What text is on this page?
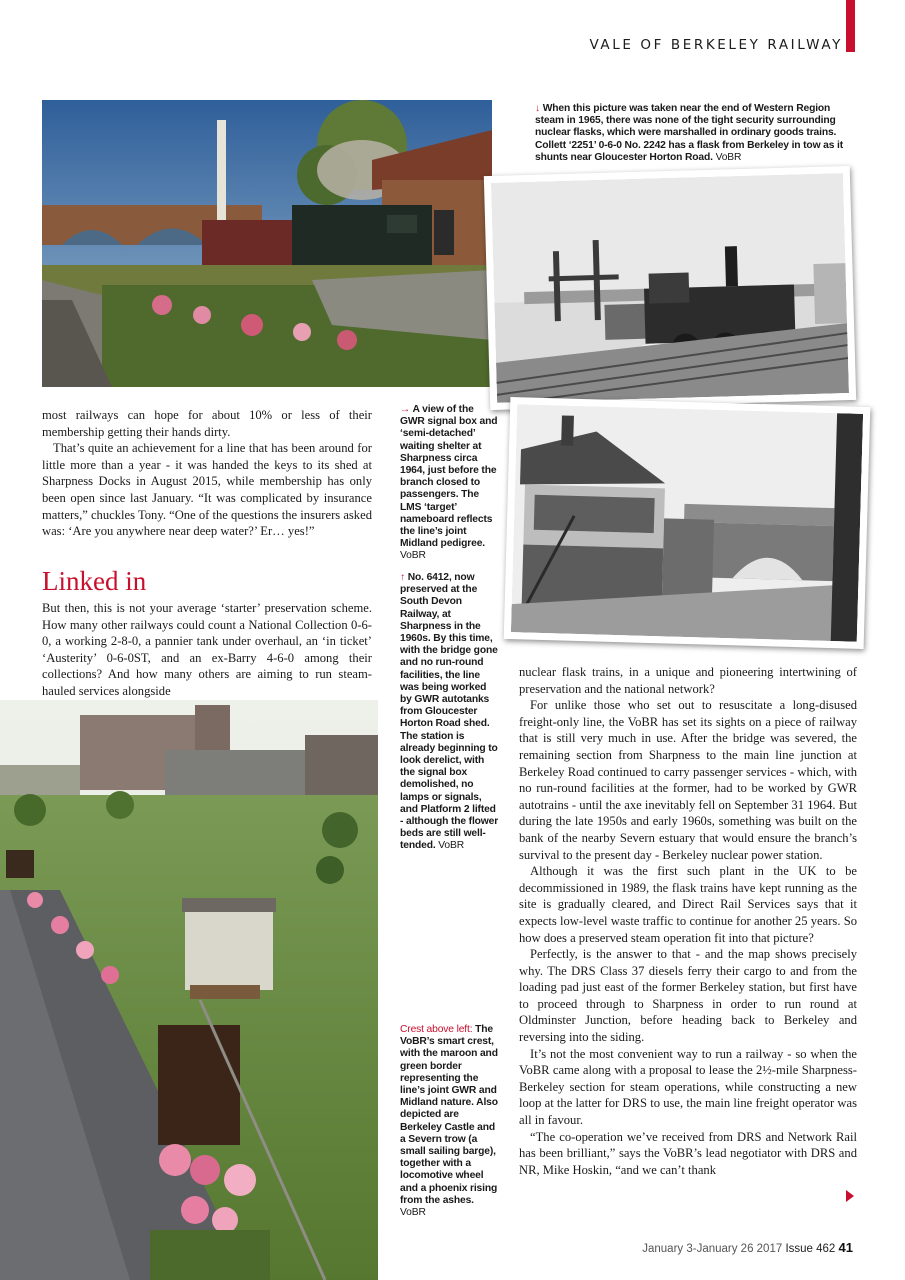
VALE OF BERKELEY RAILWAY
↓ When this picture was taken near the end of Western Region steam in 1965, there was none of the tight security surrounding nuclear flasks, which were marshalled in ordinary goods trains. Collett ‘2251’ 0-6-0 No. 2242 has a flask from Berkeley in tow as it shunts near Gloucester Horton Road. VoBR

most railways can hope for about 10% or less of their membership getting their hands dirty.

That’s quite an achievement for a line that has been around for little more than a year - it was handed the keys to its shed at Sharpness Docks in August 2015, while membership has only been open since last January. “It was complicated by insurance matters,” chuckles Tony. “One of the questions the insurers asked was: ‘Are you anywhere near deep water?’ Er… yes!”

Linked in

But then, this is not your average ‘starter’ preservation scheme. How many other railways could count a National Collection 0-6-0, a working 2-8-0, a pannier tank under overhaul, an ‘in ticket’ ‘Austerity’ 0-6-0ST, and an ex-Barry 4-6-0 among their collections? And how many others are aiming to run steam-hauled services alongside

→ A view of the GWR signal box and ‘semi-detached’ waiting shelter at Sharpness circa 1964, just before the branch closed to passengers. The LMS ‘target’ nameboard reflects the line’s joint Midland pedigree. VoBR
↑ No. 6412, now preserved at the South Devon Railway, at Sharpness in the 1960s. By this time, with the bridge gone and no run-round facilities, the line was being worked by GWR autotanks from Gloucester Horton Road shed. The station is already beginning to look derelict, with the signal box demolished, no lamps or signals, and Platform 2 lifted - although the flower beds are still well-tended. VoBR
Crest above left: The VoBR’s smart crest, with the maroon and green border representing the line’s joint GWR and Midland nature. Also depicted are Berkeley Castle and a Severn trow (a small sailing barge), together with a locomotive wheel and a phoenix rising from the ashes. VoBR

nuclear flask trains, in a unique and pioneering intertwining of preservation and the national network?

For unlike those who set out to resuscitate a long-disused freight-only line, the VoBR has set its sights on a piece of railway that is still very much in use. After the bridge was severed, the remaining section from Sharpness to the main line junction at Berkeley Road continued to carry passenger services - which, with no run-round facilities at the former, had to be worked by GWR autotrains - until the axe inevitably fell on September 31 1964. But during the late 1950s and early 1960s, something was built on the bank of the nearby Severn estuary that would ensure the branch’s survival to the present day - Berkeley nuclear power station.

Although it was the first such plant in the UK to be decommissioned in 1989, the flask trains have kept running as the site is gradually cleared, and Direct Rail Services says that it expects low-level waste traffic to continue for another 25 years. So how does a preserved steam operation fit into that picture?

Perfectly, is the answer to that - and the map shows precisely why. The DRS Class 37 diesels ferry their cargo to and from the loading pad just east of the former Berkeley station, but first have to proceed through to Sharpness in order to run round at Oldminster Junction, before heading back to Berkeley and reversing into the siding.

It’s not the most convenient way to run a railway - so when the VoBR came along with a proposal to lease the 2½-mile Sharpness-Berkeley section for steam operations, while constructing a new loop at the latter for DRS to use, the main line freight operator was all in favour.

“The co-operation we’ve received from DRS and Network Rail has been brilliant,” says the VoBR’s lead negotiator with DRS and NR, Mike Hoskin, “and we can’t thank

January 3-January 26 2017 Issue 462 41
